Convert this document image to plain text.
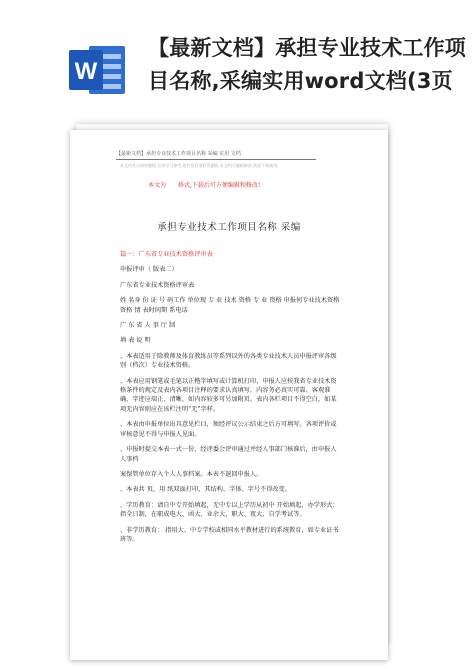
W
【最新文档】承担专业技术工作项目名称,采编实用word文档(3页
【最新文档】承担专业技术工作项目名称 采编 实用 文档
本文档来自网络整理,仅供学习参考,如有侵权请联系删除,本文档可编辑修改,欢迎下载使用。
本文为 格式,下载后可方便编辑和修改!
承担专业技术工作项目名称 采编

篇一：广东省专业技术资格评审表

申报评审（ 版表二）

广东省专业技术资格评审表

姓 名身 份 证 号 码工作 单位现 专 业 技术 资格 专 业 资格 申报何专业技术资格 资格 情 表时间期 系电话

广 东 省 人 事 厅 制

填 表 说 明

、本表适用于除教师及体育教练员等系列以外的各类专业技术人员申报评审各级别（档次）专业技术资格。

、本表应用钢笔或毛笔以正楷字填写或计算机打印，申报人应按我省专业技术资格条件的规定及表内各项目注释的要求认真填写，内容务必真实可靠、客观准确，字迹应端正、清晰，如内容较多可另加附页。表内各栏项目不得空白，如某项无内容则应在该栏注明“无”字样。

、本表由申报单位出具意见栏目，须经评议公示结束之后方可填写。各项评价或审核意见不得与申报人见面。

、申报时提交本表一式一份，经评委会评审通过并经人事部门核准后，由申报人人事档

案保管单位存入个人人事档案。本表不退回申报人。

、本表共 页，用 纸双面打印，其结构、字体、字号不得改变。

、学历教育：请自中专开始填起，无中专以上学历从初中 开始填起，办学形式：指全日制，在职成电大、函大、业余大、职大、夜大、自学考试等。

、非学历教育： 指用大、中专学校或相同水平教材进行的系统教育，如专业证书班等。
